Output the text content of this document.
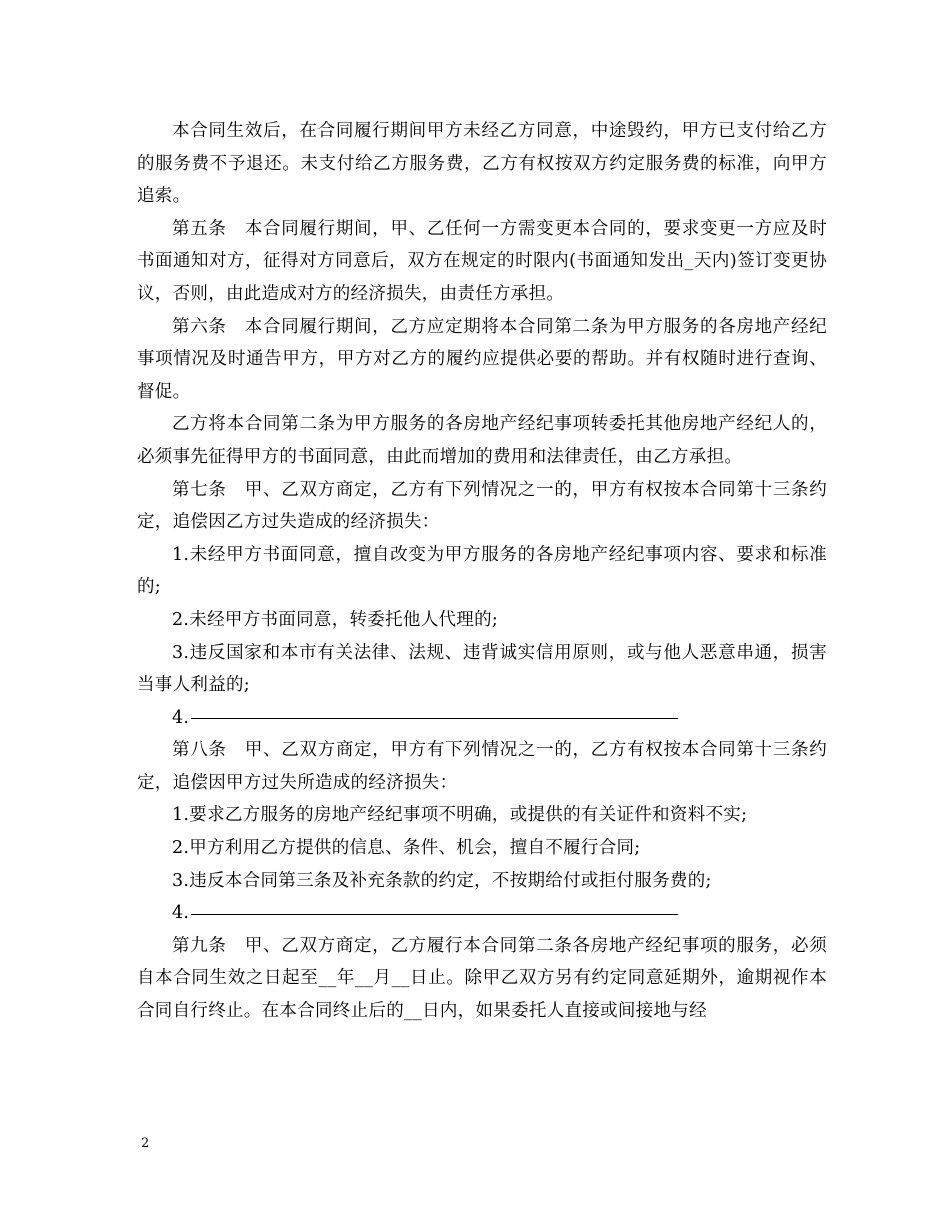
本合同生效后，在合同履行期间甲方未经乙方同意，中途毁约，甲方已支付给乙方的服务费不予退还。未支付给乙方服务费，乙方有权按双方约定服务费的标准，向甲方追索。

第五条　本合同履行期间，甲、乙任何一方需变更本合同的，要求变更一方应及时书面通知对方，征得对方同意后，双方在规定的时限内(书面通知发出_天内)签订变更协议，否则，由此造成对方的经济损失，由责任方承担。

第六条　本合同履行期间，乙方应定期将本合同第二条为甲方服务的各房地产经纪事项情况及时通告甲方，甲方对乙方的履约应提供必要的帮助。并有权随时进行查询、督促。

乙方将本合同第二条为甲方服务的各房地产经纪事项转委托其他房地产经纪人的，必须事先征得甲方的书面同意，由此而增加的费用和法律责任，由乙方承担。

第七条　甲、乙双方商定，乙方有下列情况之一的，甲方有权按本合同第十三条约定，追偿因乙方过失造成的经济损失：

1.未经甲方书面同意，擅自改变为甲方服务的各房地产经纪事项内容、要求和标准的;

2.未经甲方书面同意，转委托他人代理的;

3.违反国家和本市有关法律、法规、违背诚实信用原则，或与他人恶意串通，损害当事人利益的;

4.

第八条　甲、乙双方商定，甲方有下列情况之一的，乙方有权按本合同第十三条约定，追偿因甲方过失所造成的经济损失：

1.要求乙方服务的房地产经纪事项不明确，或提供的有关证件和资料不实;

2.甲方利用乙方提供的信息、条件、机会，擅自不履行合同;

3.违反本合同第三条及补充条款的约定，不按期给付或拒付服务费的;

4.

第九条　甲、乙双方商定，乙方履行本合同第二条各房地产经纪事项的服务，必须自本合同生效之日起至__年__月__日止。除甲乙双方另有约定同意延期外，逾期视作本合同自行终止。在本合同终止后的__日内，如果委托人直接或间接地与经

2
